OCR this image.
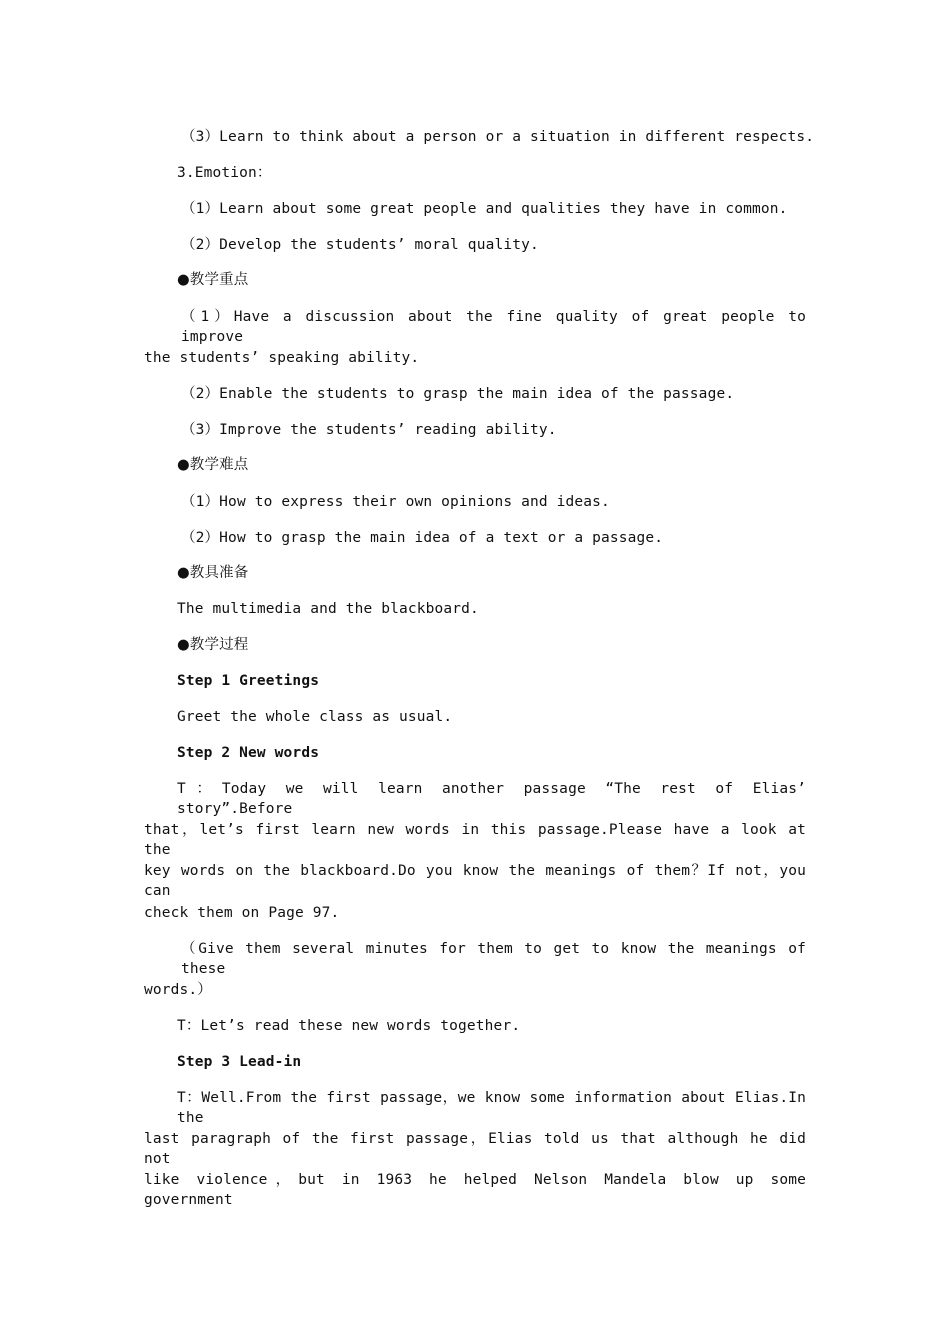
（3）Learn to think about a person or a situation in different respects.
3.Emotion：
（1）Learn about some great people and qualities they have in common.
（2）Develop the students’ moral quality.
●教学重点
（1）Have a discussion about the fine quality of great people to improve
the students’ speaking ability.
（2）Enable the students to grasp the main idea of the passage.
（3）Improve the students’ reading ability.
●教学难点
（1）How to express their own opinions and ideas.
（2）How to grasp the main idea of a text or a passage.
●教具准备
The multimedia and the blackboard.
●教学过程
Step 1 Greetings
Greet the whole class as usual.
Step 2 New words
T：Today we will learn another passage “The rest of Elias’ story”.Before
that，let’s first learn new words in this passage.Please have a look at the
key words on the blackboard.Do you know the meanings of them？If not，you can
check them on Page 97.
（Give them several minutes for them to get to know the meanings of these
words.）
T：Let’s read these new words together.
Step 3 Lead-in
T：Well.From the first passage，we know some information about Elias.In the
last paragraph of the first passage，Elias told us that although he did not
like violence，but in 1963 he helped Nelson Mandela blow up some government
